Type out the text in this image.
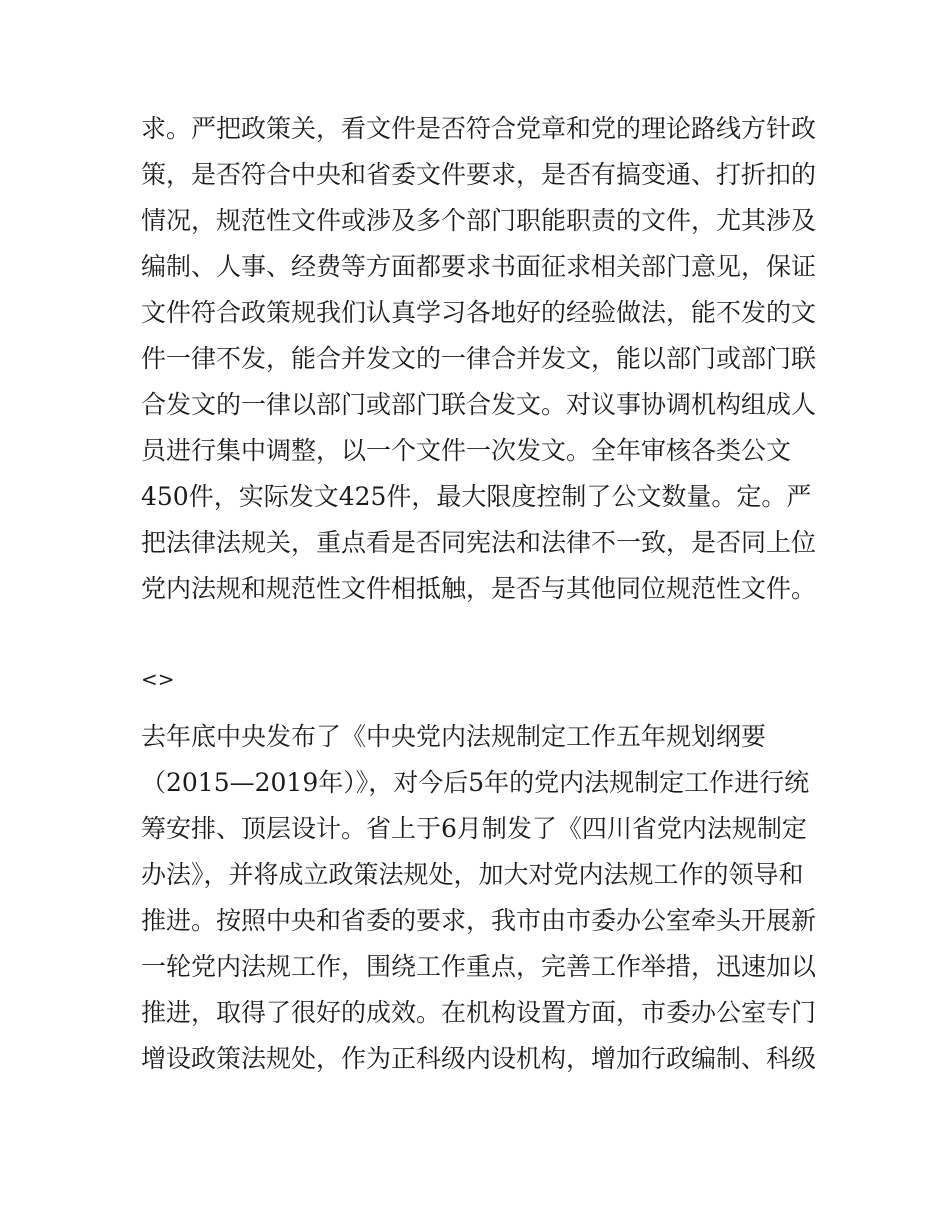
求。严把政策关，看文件是否符合党章和党的理论路线方针政
策，是否符合中央和省委文件要求，是否有搞变通、打折扣的
情况，规范性文件或涉及多个部门职能职责的文件，尤其涉及
编制、人事、经费等方面都要求书面征求相关部门意见，保证
文件符合政策规我们认真学习各地好的经验做法，能不发的文
件一律不发，能合并发文的一律合并发文，能以部门或部门联
合发文的一律以部门或部门联合发文。对议事协调机构组成人
员进行集中调整，以一个文件一次发文。全年审核各类公文
450件，实际发文425件，最大限度控制了公文数量。定。严
把法律法规关，重点看是否同宪法和法律不一致，是否同上位
党内法规和规范性文件相抵触，是否与其他同位规范性文件。
<>
去年底中央发布了《中央党内法规制定工作五年规划纲要
（2015—2019年）》，对今后5年的党内法规制定工作进行统
筹安排、顶层设计。省上于6月制发了《四川省党内法规制定
办法》，并将成立政策法规处，加大对党内法规工作的领导和
推进。按照中央和省委的要求，我市由市委办公室牵头开展新
一轮党内法规工作，围绕工作重点，完善工作举措，迅速加以
推进，取得了很好的成效。在机构设置方面，市委办公室专门
增设政策法规处，作为正科级内设机构，增加行政编制、科级
